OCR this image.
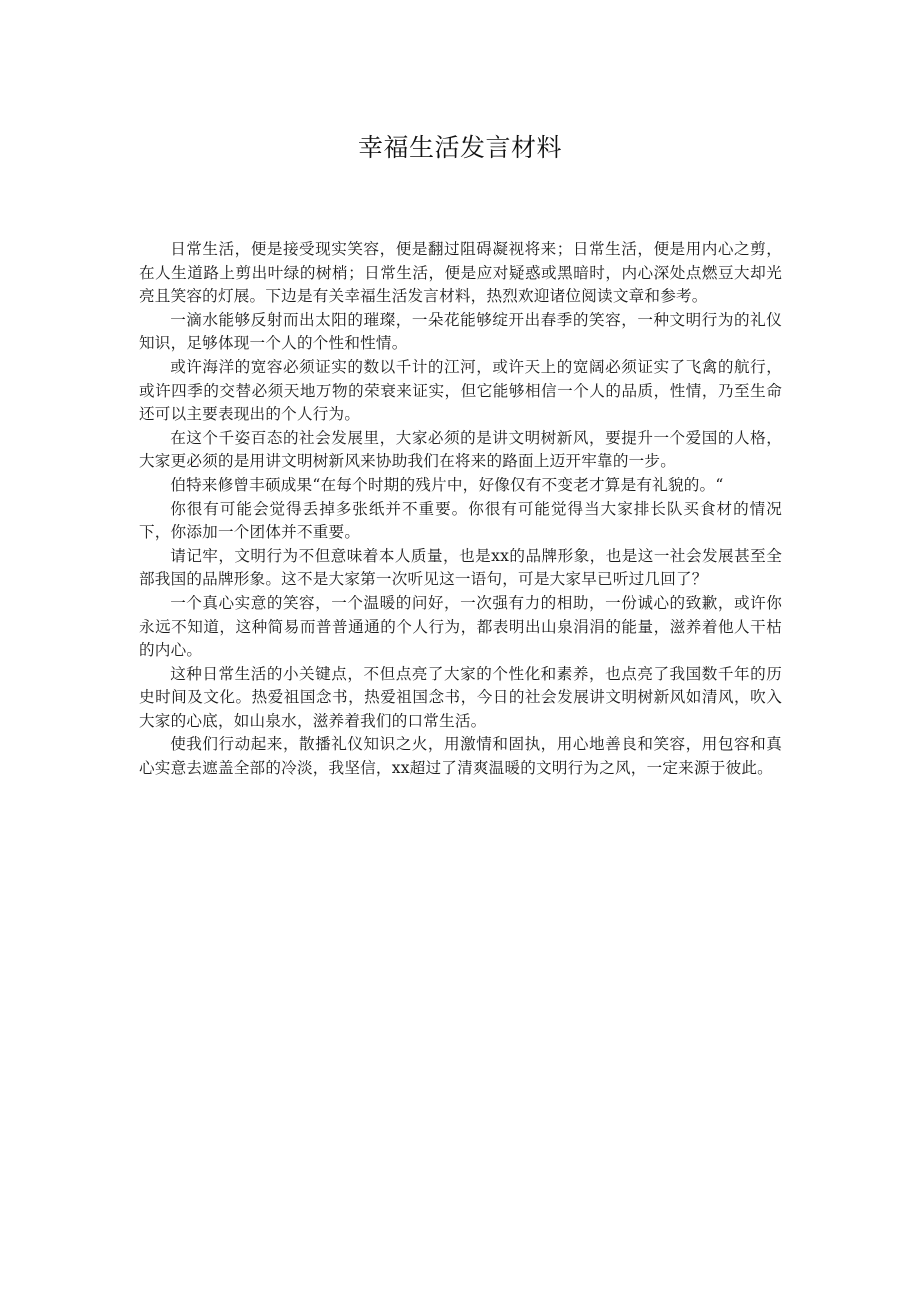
幸福生活发言材料

日常生活，便是接受现实笑容，便是翻过阻碍凝视将来；日常生活，便是用内心之剪，在人生道路上剪出叶绿的树梢；日常生活，便是应对疑惑或黑暗时，内心深处点燃豆大却光亮且笑容的灯展。下边是有关幸福生活发言材料，热烈欢迎诸位阅读文章和参考。

一滴水能够反射而出太阳的璀璨，一朵花能够绽开出春季的笑容，一种文明行为的礼仪知识，足够体现一个人的个性和性情。

或许海洋的宽容必须证实的数以千计的江河，或许天上的宽阔必须证实了飞禽的航行，或许四季的交替必须天地万物的荣衰来证实，但它能够相信一个人的品质，性情，乃至生命还可以主要表现出的个人行为。

在这个千姿百态的社会发展里，大家必须的是讲文明树新风，要提升一个爱国的人格，大家更必须的是用讲文明树新风来协助我们在将来的路面上迈开牢靠的一步。

伯特来修曾丰硕成果“在每个时期的残片中，好像仅有不变老才算是有礼貌的。“

你很有可能会觉得丢掉多张纸并不重要。你很有可能觉得当大家排长队买食材的情况下，你添加一个团体并不重要。

请记牢，文明行为不但意味着本人质量，也是xx的品牌形象，也是这一社会发展甚至全部我国的品牌形象。这不是大家第一次听见这一语句，可是大家早已听过几回了？

一个真心实意的笑容，一个温暖的问好，一次强有力的相助，一份诚心的致歉，或许你永远不知道，这种简易而普普通通的个人行为，都表明出山泉涓涓的能量，滋养着他人干枯的内心。

这种日常生活的小关键点，不但点亮了大家的个性化和素养，也点亮了我国数千年的历史时间及文化。热爱祖国念书，热爱祖国念书，今日的社会发展讲文明树新风如清风，吹入大家的心底，如山泉水，滋养着我们的口常生活。

使我们行动起来，散播礼仪知识之火，用激情和固执，用心地善良和笑容，用包容和真心实意去遮盖全部的冷淡，我坚信，xx超过了清爽温暖的文明行为之风，一定来源于彼此。
